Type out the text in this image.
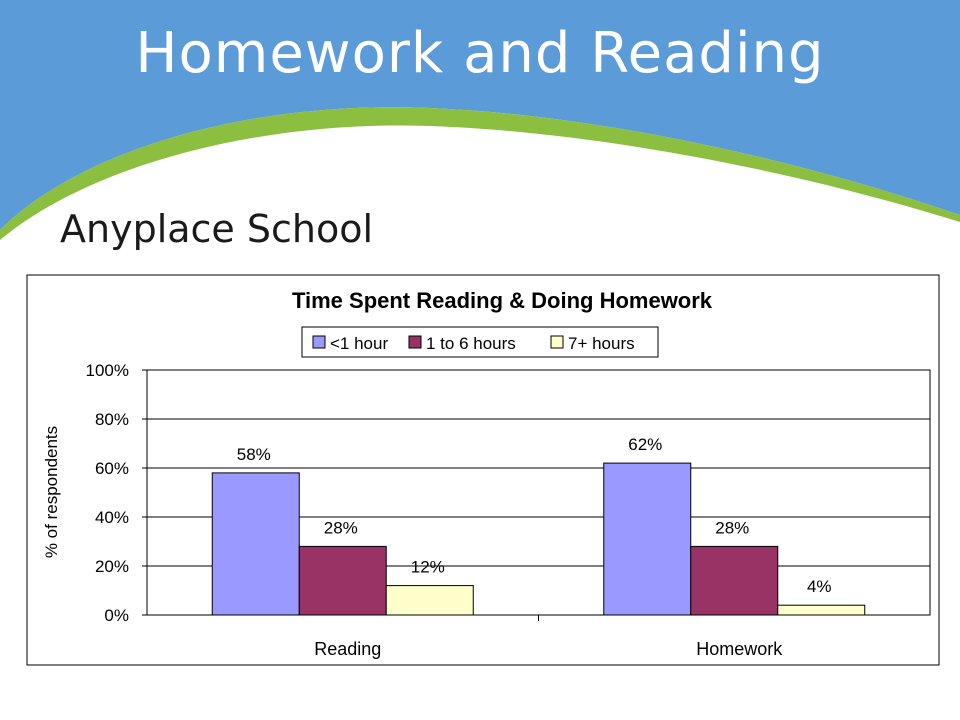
Homework and Reading
Anyplace School
Time Spent Reading & Doing Homework
<1 hour 1 to 6 hours	7+ hours
0%
20%
40%
60%
80%
100%
58%
28%
12%
Reading
62%
28%
4%
Homework
% of respondents
